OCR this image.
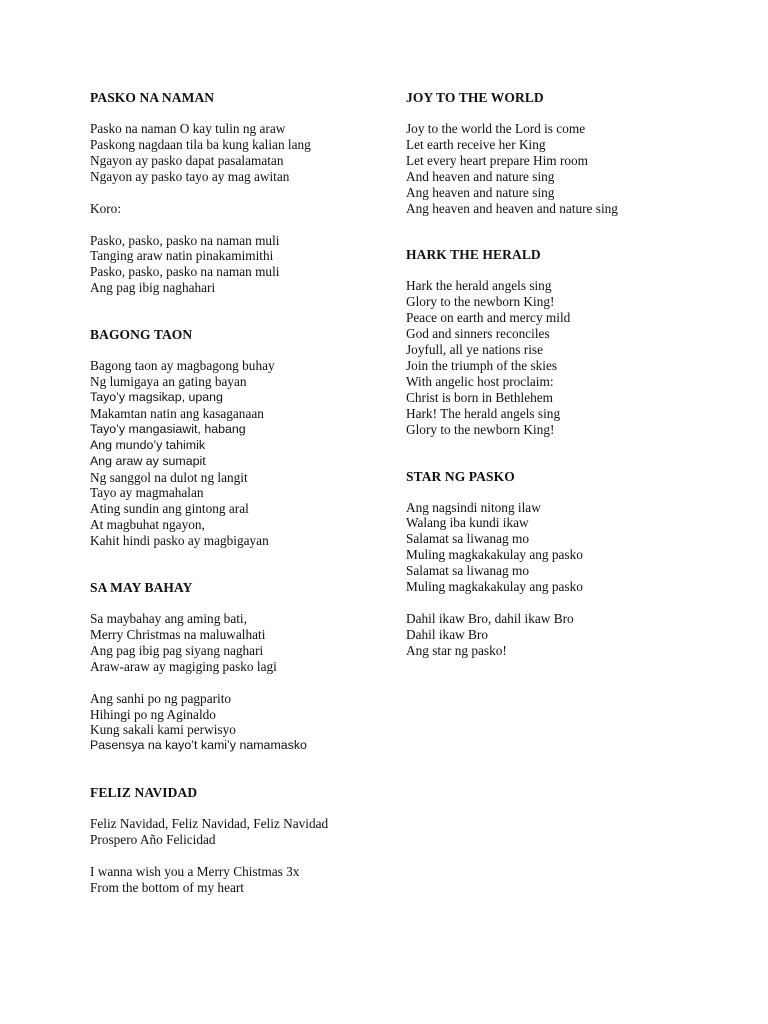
PASKO NA NAMAN
Pasko na naman O kay tulin ng araw
Paskong nagdaan tila ba kung kalian lang
Ngayon ay pasko dapat pasalamatan
Ngayon ay pasko tayo ay mag awitan
Koro:
Pasko, pasko, pasko na naman muli
Tanging araw natin pinakamimithi
Pasko, pasko, pasko na naman muli
Ang pag ibig naghahari
BAGONG TAON
Bagong taon ay magbagong buhay
Ng lumigaya an gating bayan
Tayo’y magsikap, upang
Makamtan natin ang kasaganaan
Tayo’y mangasiawit, habang
Ang mundo’y tahimik
Ang araw ay sumapit
Ng sanggol na dulot ng langit
Tayo ay magmahalan
Ating sundin ang gintong aral
At magbuhat ngayon,
Kahit hindi pasko ay magbigayan
SA MAY BAHAY
Sa maybahay ang aming bati,
Merry Christmas na maluwalhati
Ang pag ibig pag siyang naghari
Araw-araw ay magiging pasko lagi
Ang sanhi po ng pagparito
Hihingi po ng Aginaldo
Kung sakali kami perwisyo
Pasensya na kayo’t kami’y namamasko
FELIZ NAVIDAD
Feliz Navidad, Feliz Navidad, Feliz Navidad
Prospero Año Felicidad
I wanna wish you a Merry Chistmas 3x
From the bottom of my heart
JOY TO THE WORLD
Joy to the world the Lord is come
Let earth receive her King
Let every heart prepare Him room
And heaven and nature sing
Ang heaven and nature sing
Ang heaven and heaven and nature sing
HARK THE HERALD
Hark the herald angels sing
Glory to the newborn King!
Peace on earth and mercy mild
God and sinners reconciles
Joyfull, all ye nations rise
Join the triumph of the skies
With angelic host proclaim:
Christ is born in Bethlehem
Hark! The herald angels sing
Glory to the newborn King!
STAR NG PASKO
Ang nagsindi nitong ilaw
Walang iba kundi ikaw
Salamat sa liwanag mo
Muling magkakakulay ang pasko
Salamat sa liwanag mo
Muling magkakakulay ang pasko
Dahil ikaw Bro, dahil ikaw Bro
Dahil ikaw Bro
Ang star ng pasko!
